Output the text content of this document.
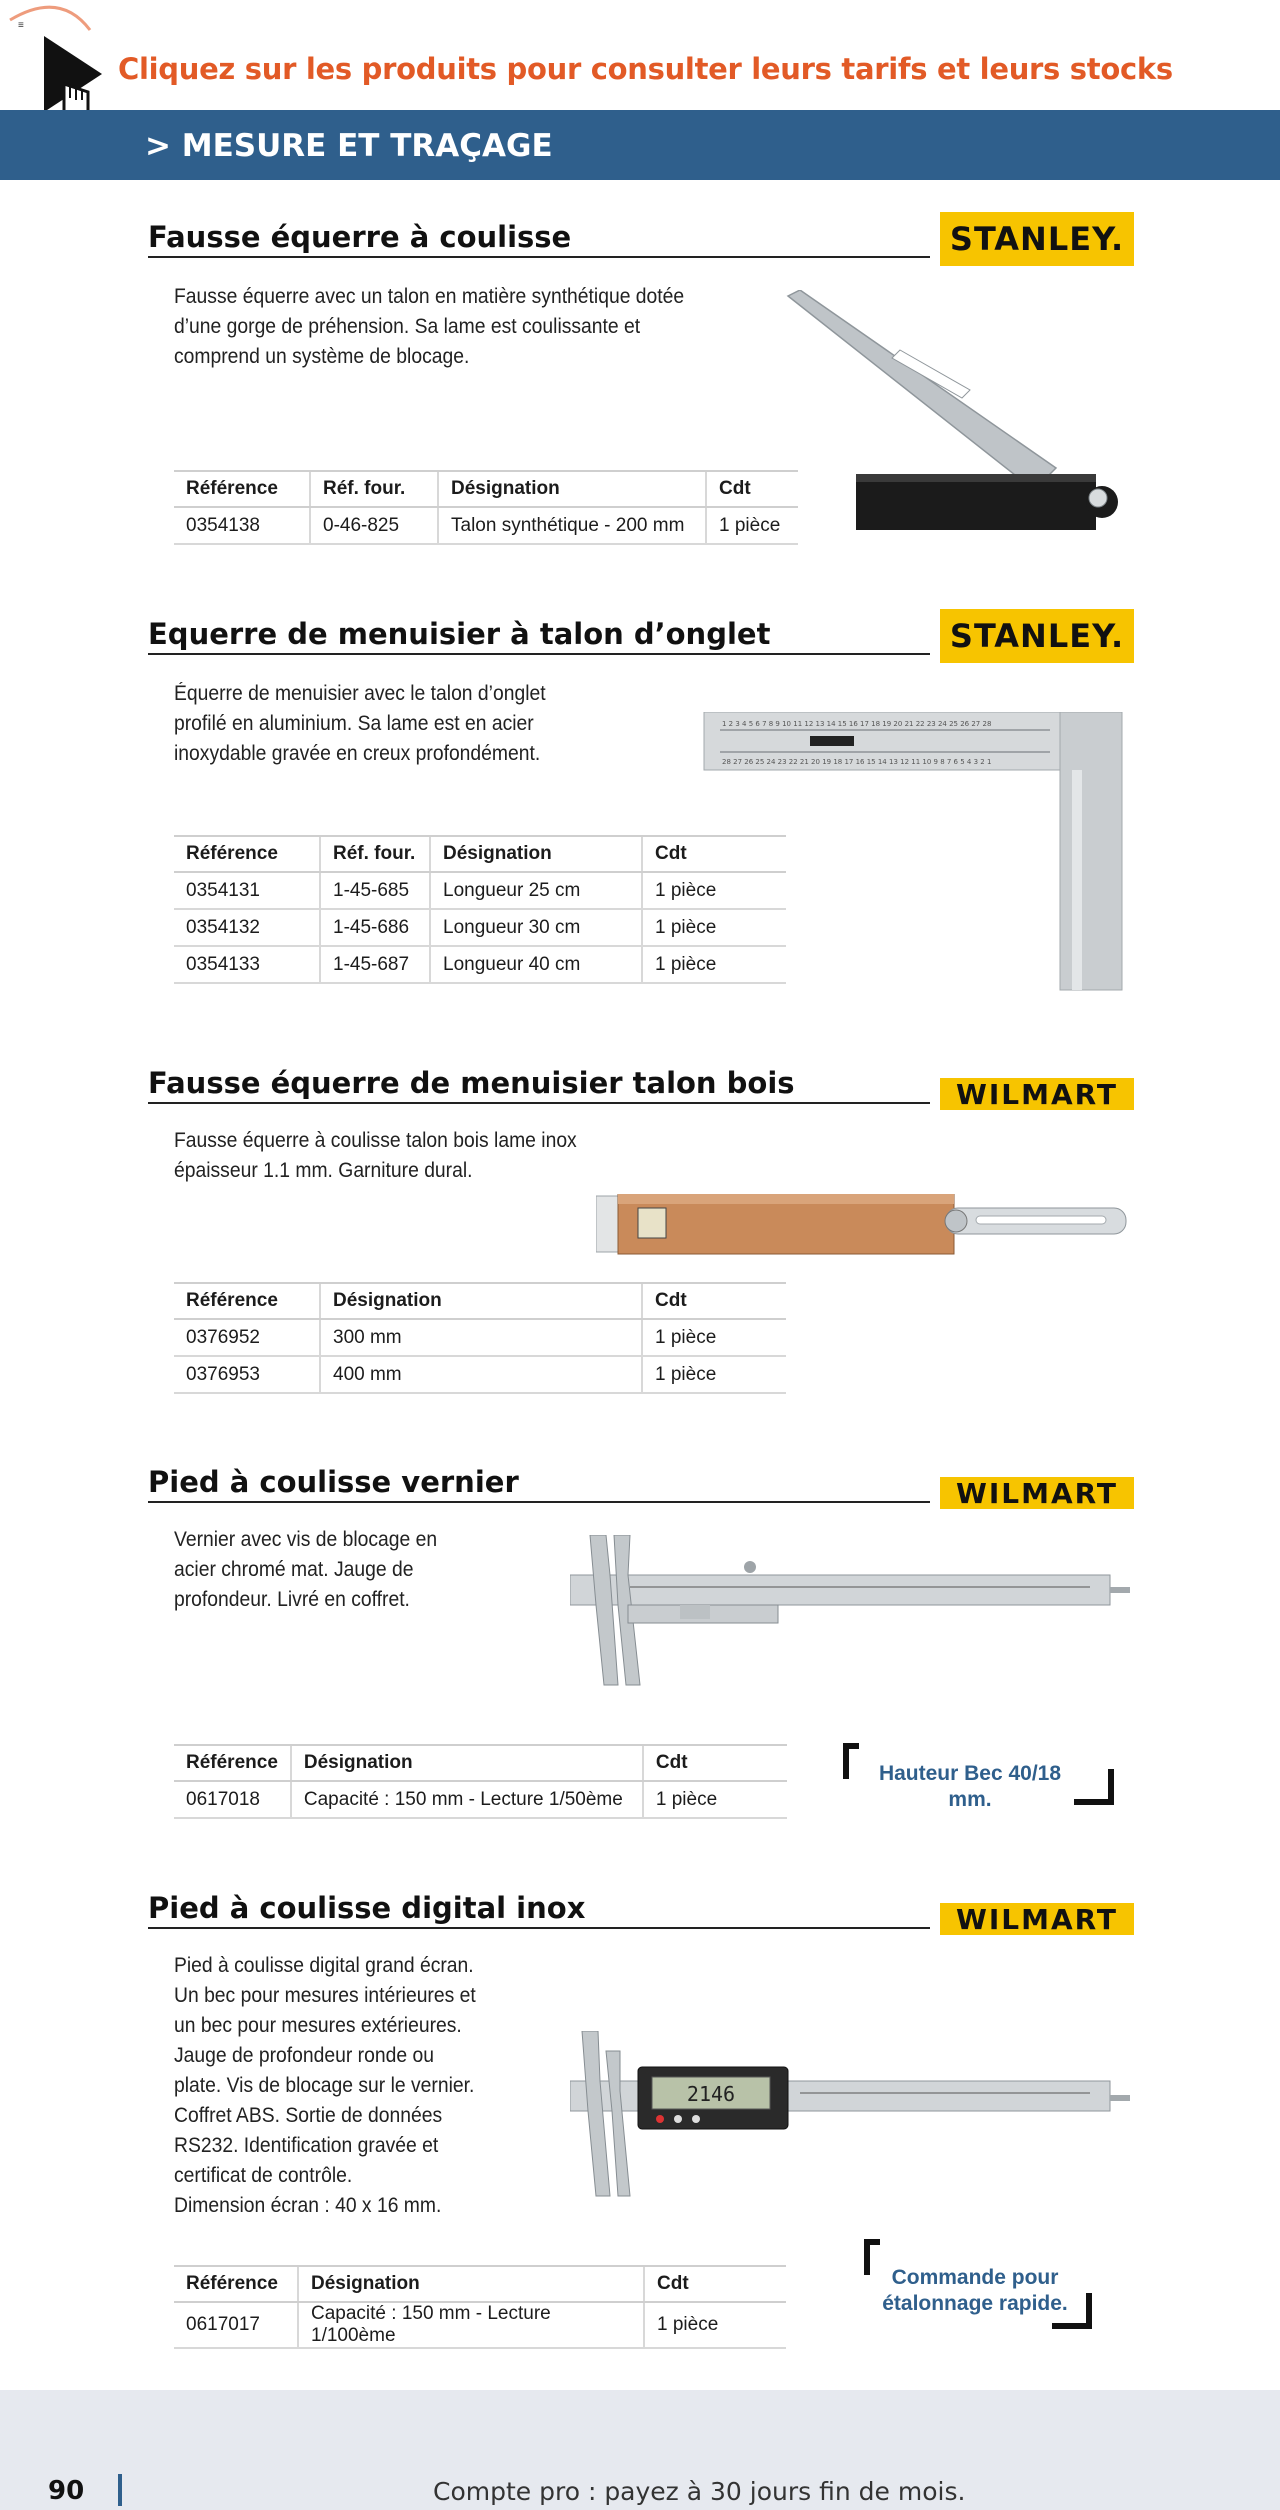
≡
Cliquez sur les produits pour consulter leurs tarifs et leurs stocks
> MESURE ET TRAÇAGE
Fausse équerre à coulisse	STANLEY.
Fausse équerre avec un talon en matière synthétique dotée
d’une gorge de préhension. Sa lame est coulissante et
comprend un système de blocage.
Référence	Réf. four.	Désignation	Cdt
0354138	0-46-825	Talon synthétique - 200 mm	1 pièce
Equerre de menuisier à talon d’onglet	STANLEY.
Équerre de menuisier avec le talon d’onglet
profilé en aluminium. Sa lame est en acier
inoxydable gravée en creux profondément.
Référence	Réf. four.	Désignation	Cdt
0354131	1-45-685	Longueur 25 cm	1 pièce
0354132	1-45-686	Longueur 30 cm	1 pièce
0354133	1-45-687	Longueur 40 cm	1 pièce
1 2 3 4 5 6 7 8 9 10 11 12 13 14 15 16 17 18 19 20 21 22 23 24 25 26 27 28
28 27 26 25 24 23 22 21 20 19 18 17 16 15 14 13 12 11 10 9 8 7 6 5 4 3 2 1
Fausse équerre de menuisier talon bois	WILMART
Fausse équerre à coulisse talon bois lame inox
épaisseur 1.1 mm. Garniture dural.
Référence	Désignation	Cdt
0376952	300 mm	1 pièce
0376953	400 mm	1 pièce
Pied à coulisse vernier	WILMART
Vernier avec vis de blocage en
acier chromé mat. Jauge de
profondeur. Livré en coffret.
Référence	Désignation	Cdt
0617018	Capacité : 150 mm - Lecture 1/50ème	1 pièce
Hauteur Bec 40/18 mm.
Pied à coulisse digital inox	WILMART
Pied à coulisse digital grand écran.
Un bec pour mesures intérieures et
un bec pour mesures extérieures.
Jauge de profondeur ronde ou
plate. Vis de blocage sur le vernier.
Coffret ABS. Sortie de données
RS232. Identification gravée et
certificat de contrôle.
Dimension écran : 40 x 16 mm.
Référence	Désignation	Cdt
0617017	Capacité : 150 mm - Lecture 1/100ème	1 pièce
2146
Commande pour
étalonnage rapide.
90	Compte pro : payez à 30 jours fin de mois.
